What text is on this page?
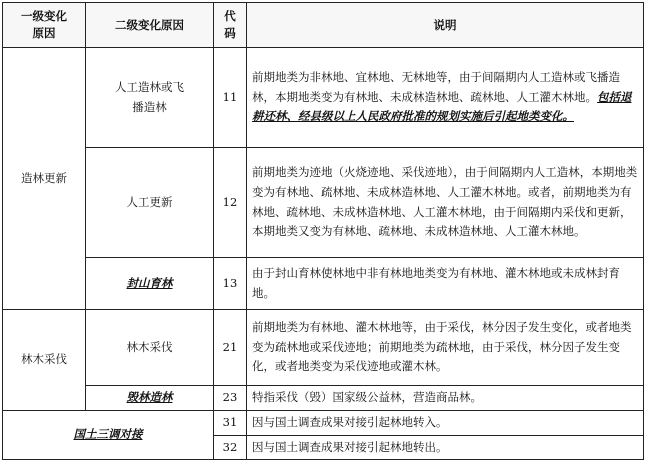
一级变化原因	二级变化原因	代码	说明
造林更新	人工造林或飞播造林	11	前期地类为非林地、宜林地、无林地等，由于间隔期内人工造林或飞播造林，本期地类变为有林地、未成林造林地、疏林地、人工灌木林地。包括退耕还林、经县级以上人民政府批准的规划实施后引起地类变化。
	人工更新	12	前期地类为迹地（火烧迹地、采伐迹地），由于间隔期内人工造林，本期地类变为有林地、疏林地、未成林造林地、人工灌木林地。或者，前期地类为有林地、疏林地、未成林造林地、人工灌木林地，由于间隔期内采伐和更新，本期地类又变为有林地、疏林地、未成林造林地、人工灌木林地。
	封山育林	13	由于封山育林使林地中非有林地地类变为有林地、灌木林地或未成林封育地。
林木采伐	林木采伐	21	前期地类为有林地、灌木林地等，由于采伐，林分因子发生变化，或者地类变为疏林地或采伐迹地；前期地类为疏林地，由于采伐，林分因子发生变化，或者地类变为采伐迹地或灌木林。
	毁林造林	23	特指采伐（毁）国家级公益林，营造商品林。
国土三调对接		31	因与国土调查成果对接引起林地转入。
		32	因与国土调查成果对接引起林地转出。
